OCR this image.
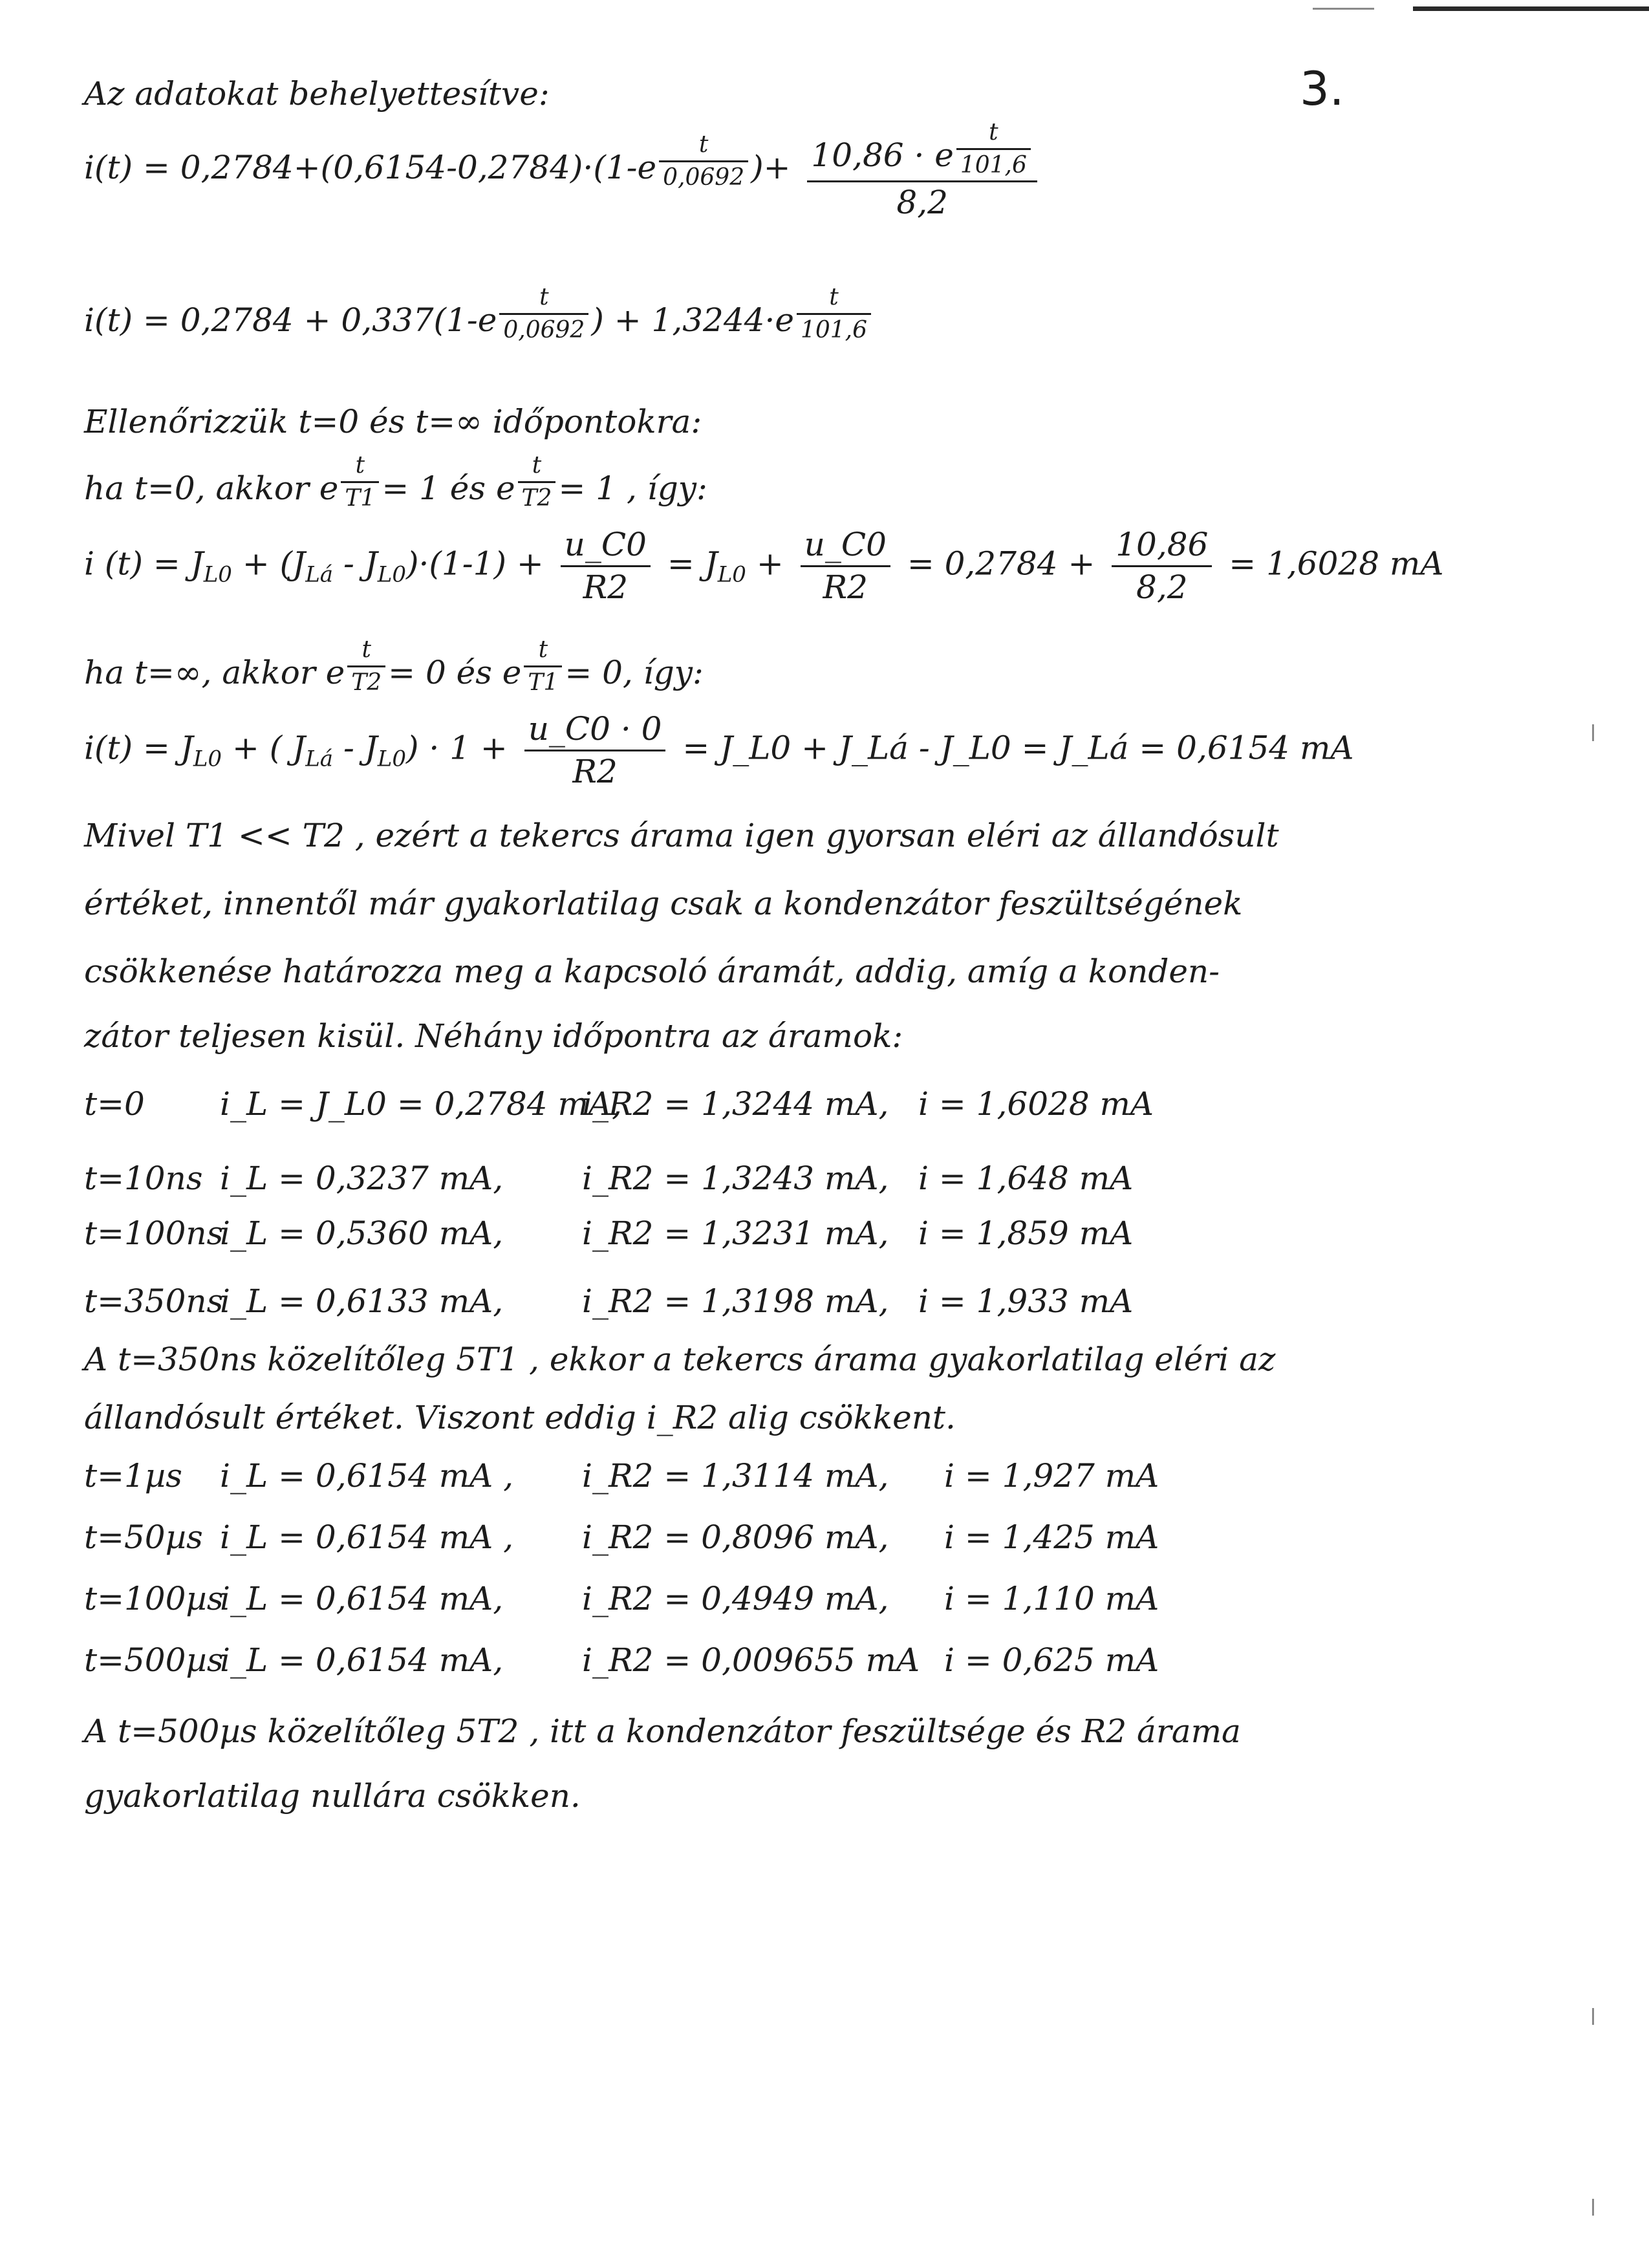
3.
Az adatokat behelyettesítve:
$i(t) = 0,2784+(0,6154-0,2784)\cdot(1-e \frac{t}{0,0692}$ )+ $\frac{10,86 \cdot e \frac{t}{101,6}}{8,2}$
$i(t) = 0,2784 + 0,337(1-e \frac{t}{0,0692}$ ) + $1,3244\cdot e \frac{t}{101,6}$
Ellenőrizzük t=0 és t=∞ időpontokra:
ha t=0, akkor e $\frac{t}{T1} = 1$ és e $\frac{t}{T2} = 1$ , így:
i $(t) = J_{L0} + (J_{Lá} - J_{L0})\cdot(1-1) + \frac{u\_C0}{R2} = J_{L0} + \frac{u\_C0}{R2} = 0,2784 + \frac{10,86}{8,2} = 1,6028$ mA
ha t=∞, akkor e $\frac{t}{T2} = 0$ és e $\frac{t}{T1} = 0$, így:
$i(t) = J_{L0}$ + ( $J_{Lá} - J_{L0}) \cdot 1 + \frac{u\_C0 \cdot 0}{R2}$ = J_L0 + J_Lá - J_L0 = J_Lá = 0,6154 mA
Mivel T1 << T2 , ezért a tekercs árama igen gyorsan eléri az állandósult
értéket, innentől már gyakorlatilag csak a kondenzátor feszültségének
csökkenése határozza meg a kapcsoló áramát, addig, amíg a konden-
zátor teljesen kisül. Néhány időpontra az áramok:
t=0 i_L = J_L0 = 0,2784 mA,i_R2 = 1,3244 mA, i = 1,6028 mA
t=10ns i_L = 0,3237 mA, i_R2 = 1,3243 mA, i = 1,648 mA
t=100nsi_L = 0,5360 mA, i_R2 = 1,3231 mA, i = 1,859 mA
t=350nsi_L = 0,6133 mA, i_R2 = 1,3198 mA, i = 1,933 mA
A t=350ns közelítőleg 5T1 , ekkor a tekercs árama gyakorlatilag eléri az
állandósult értéket. Viszont eddig i_R2 alig csökkent.
t=1µs i_L = 0,6154 mA , i_R2 = 1,3114 mA, i = 1,927 mA
t=50µs i_L = 0,6154 mA , i_R2 = 0,8096 mA, i = 1,425 mA
t=100µsi_L = 0,6154 mA, i_R2 = 0,4949 mA, i = 1,110 mA
t=500µsi_L = 0,6154 mA, i_R2 = 0,009655 mA i = 0,625 mA
A t=500µs közelítőleg 5T2 , itt a kondenzátor feszültsége és R2 árama
gyakorlatilag nullára csökken.
